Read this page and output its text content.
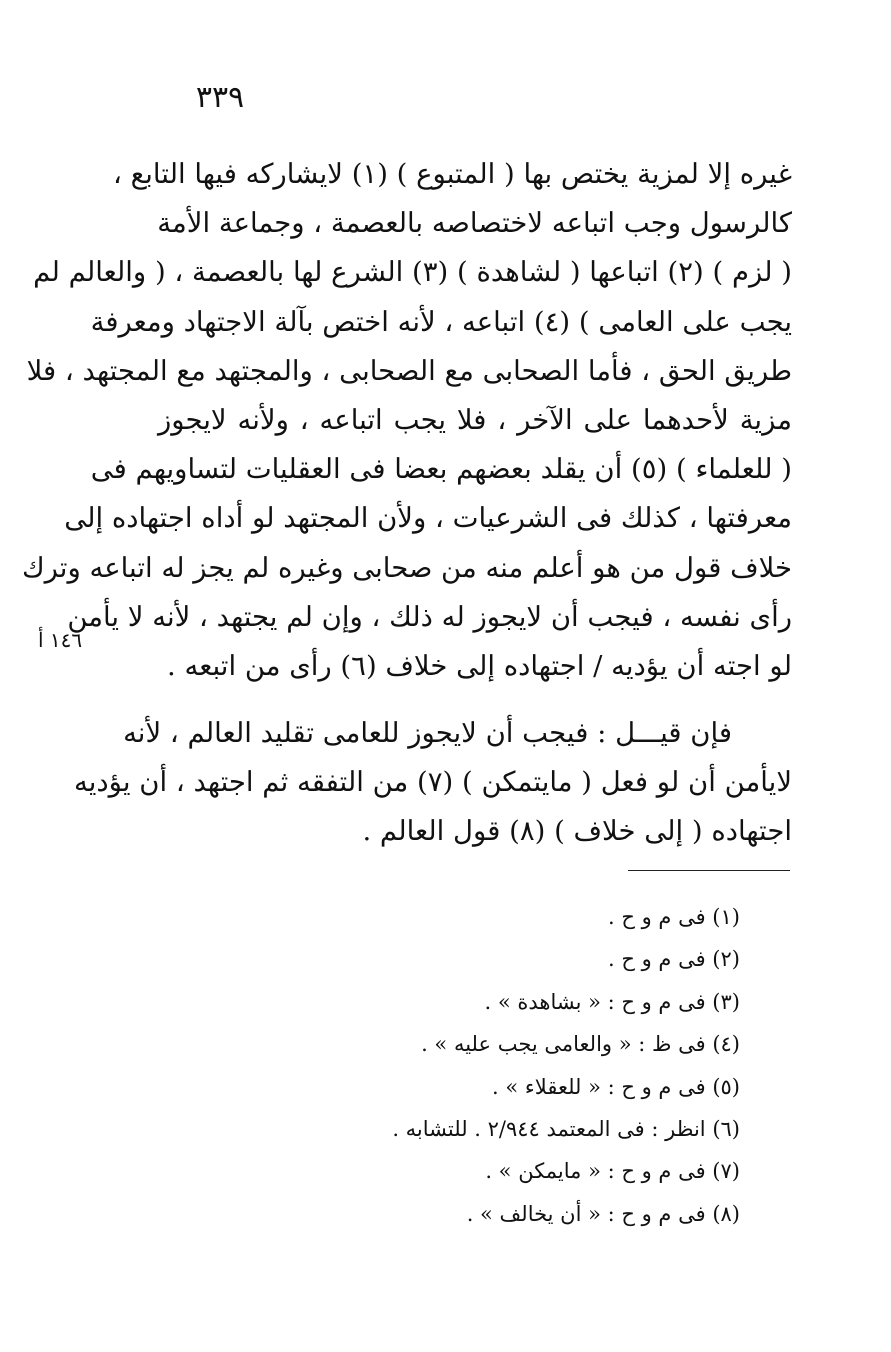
٣٣٩
١٤٦ أ
غيره إلا لمزية يختص بها ( المتبوع ) (١) لايشاركه فيها التابع ،
كالرسول وجب اتباعه لاختصاصه بالعصمة ، وجماعة الأمة
( لزم ) (٢) اتباعها ( لشاهدة ) (٣) الشرع لها بالعصمة ، ( والعالم لم
يجب على العامى ) (٤) اتباعه ، لأنه اختص بآلة الاجتهاد ومعرفة
طريق الحق ، فأما الصحابى مع الصحابى ، والمجتهد مع المجتهد ، فلا
مزية لأحدهما على الآخر ، فلا يجب اتباعه ، ولأنه لايجوز
( للعلماء ) (٥) أن يقلد بعضهم بعضا فى العقليات لتساويهم فى
معرفتها ، كذلك فى الشرعيات ، ولأن المجتهد لو أداه اجتهاده إلى
خلاف قول من هو أعلم منه من صحابى وغيره لم يجز له اتباعه وترك
رأى نفسه ، فيجب أن لايجوز له ذلك ، وإن لم يجتهد ، لأنه لا يأمن
لو اجته أن يؤديه / اجتهاده إلى خلاف (٦) رأى من اتبعه .
فإن قيـــل : فيجب أن لايجوز للعامى تقليد العالم ، لأنه
لايأمن أن لو فعل ( مايتمكن ) (٧) من التفقه ثم اجتهد ، أن يؤديه
اجتهاده ( إلى خلاف ) (٨) قول العالم .
(١) فى م و ح .
(٢) فى م و ح .
(٣) فى م و ح : « بشاهدة » .
(٤) فى ظ : « والعامى يجب عليه » .
(٥) فى م و ح : « للعقلاء » .
(٦) انظر : فى المعتمد ٢/٩٤٤ . للتشابه .
(٧) فى م و ح : « مايمكن » .
(٨) فى م و ح : « أن يخالف » .
